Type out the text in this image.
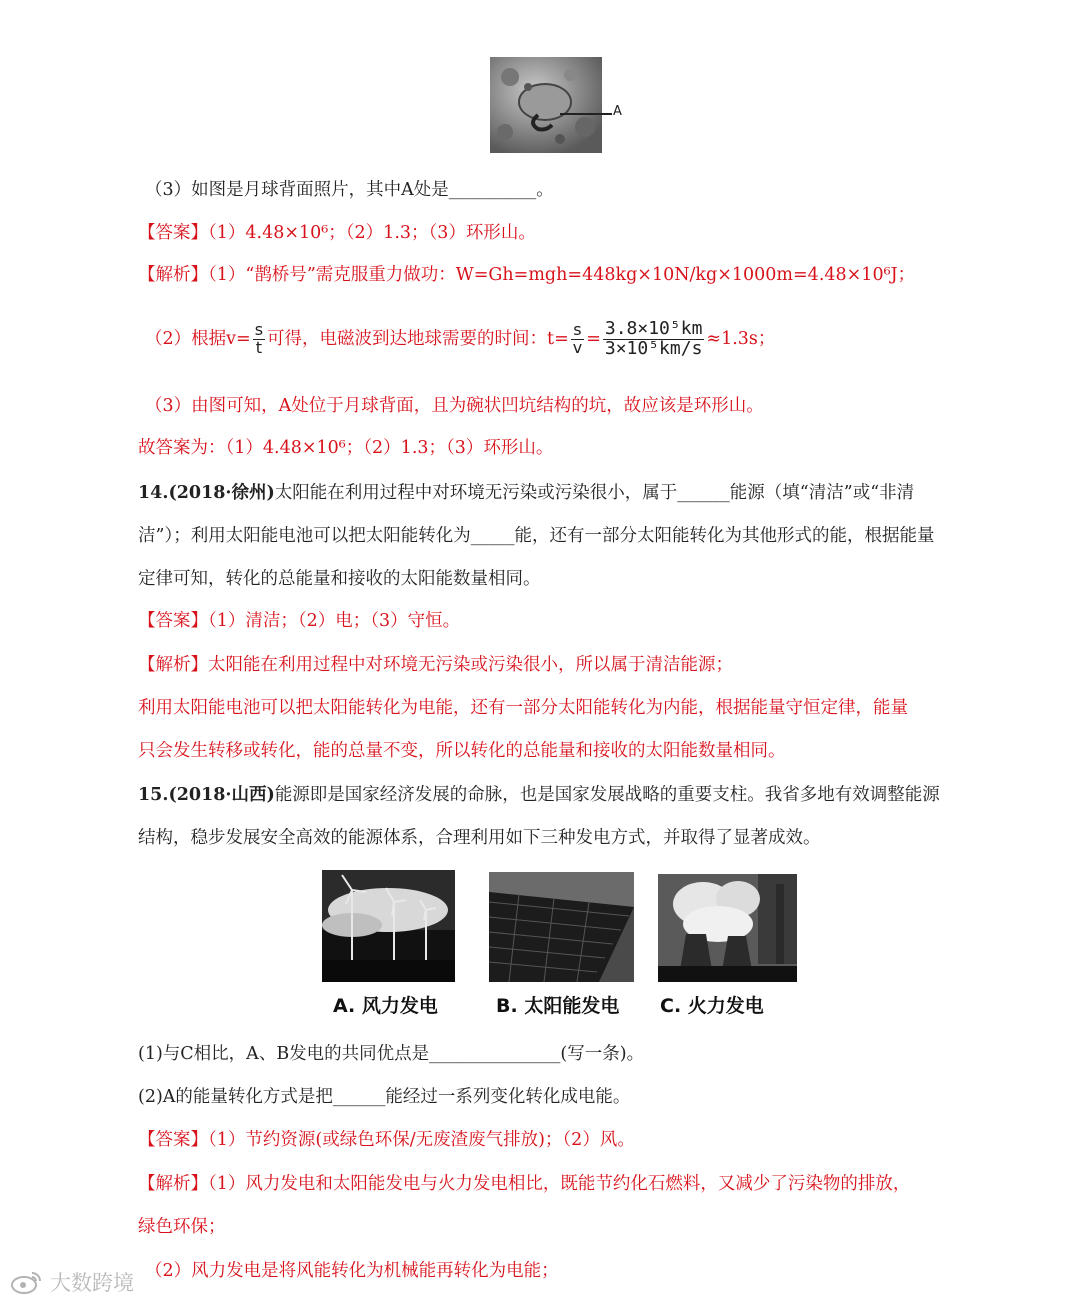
A
（3）如图是月球背面照片，其中A处是__________。
【答案】（1）4.48×10⁶；（2）1.3；（3）环形山。
【解析】（1）“鹊桥号”需克服重力做功：W=Gh=mgh=448kg×10N/kg×1000m=4.48×10⁶J；
（2）根据$v= \frac{s}{t}$ 可得，电磁波到达地球需要的时间：$t= \frac{s}{v} = \frac{\text{3.8×10⁵km}}{\text{3×10⁵km/s}} \approx 1.3s$；
（3）由图可知，A处位于月球背面，且为碗状凹坑结构的坑，故应该是环形山。
故答案为：（1）4.48×10⁶；（2）1.3；（3）环形山。
14.(2018·徐州)太阳能在利用过程中对环境无污染或污染很小，属于______能源（填“清洁”或“非清
洁”）；利用太阳能电池可以把太阳能转化为_____能，还有一部分太阳能转化为其他形式的能，根据能量
定律可知，转化的总能量和接收的太阳能数量相同。
【答案】（1）清洁；（2）电；（3）守恒。
【解析】太阳能在利用过程中对环境无污染或污染很小，所以属于清洁能源；
利用太阳能电池可以把太阳能转化为电能，还有一部分太阳能转化为内能，根据能量守恒定律，能量
只会发生转移或转化，能的总量不变，所以转化的总能量和接收的太阳能数量相同。
15.(2018·山西)能源即是国家经济发展的命脉，也是国家发展战略的重要支柱。我省多地有效调整能源
结构，稳步发展安全高效的能源体系，合理利用如下三种发电方式，并取得了显著成效。
A. 风力发电	B. 太阳能发电 C. 火力发电
(1)与C相比，A、B发电的共同优点是_______________(写一条)。
(2)A的能量转化方式是把______能经过一系列变化转化成电能。
【答案】（1）节约资源(或绿色环保/无废渣废气排放)；（2）风。
【解析】（1）风力发电和太阳能发电与火力发电相比，既能节约化石燃料，又减少了污染物的排放，
绿色环保；
（2）风力发电是将风能转化为机械能再转化为电能；
大数跨境
